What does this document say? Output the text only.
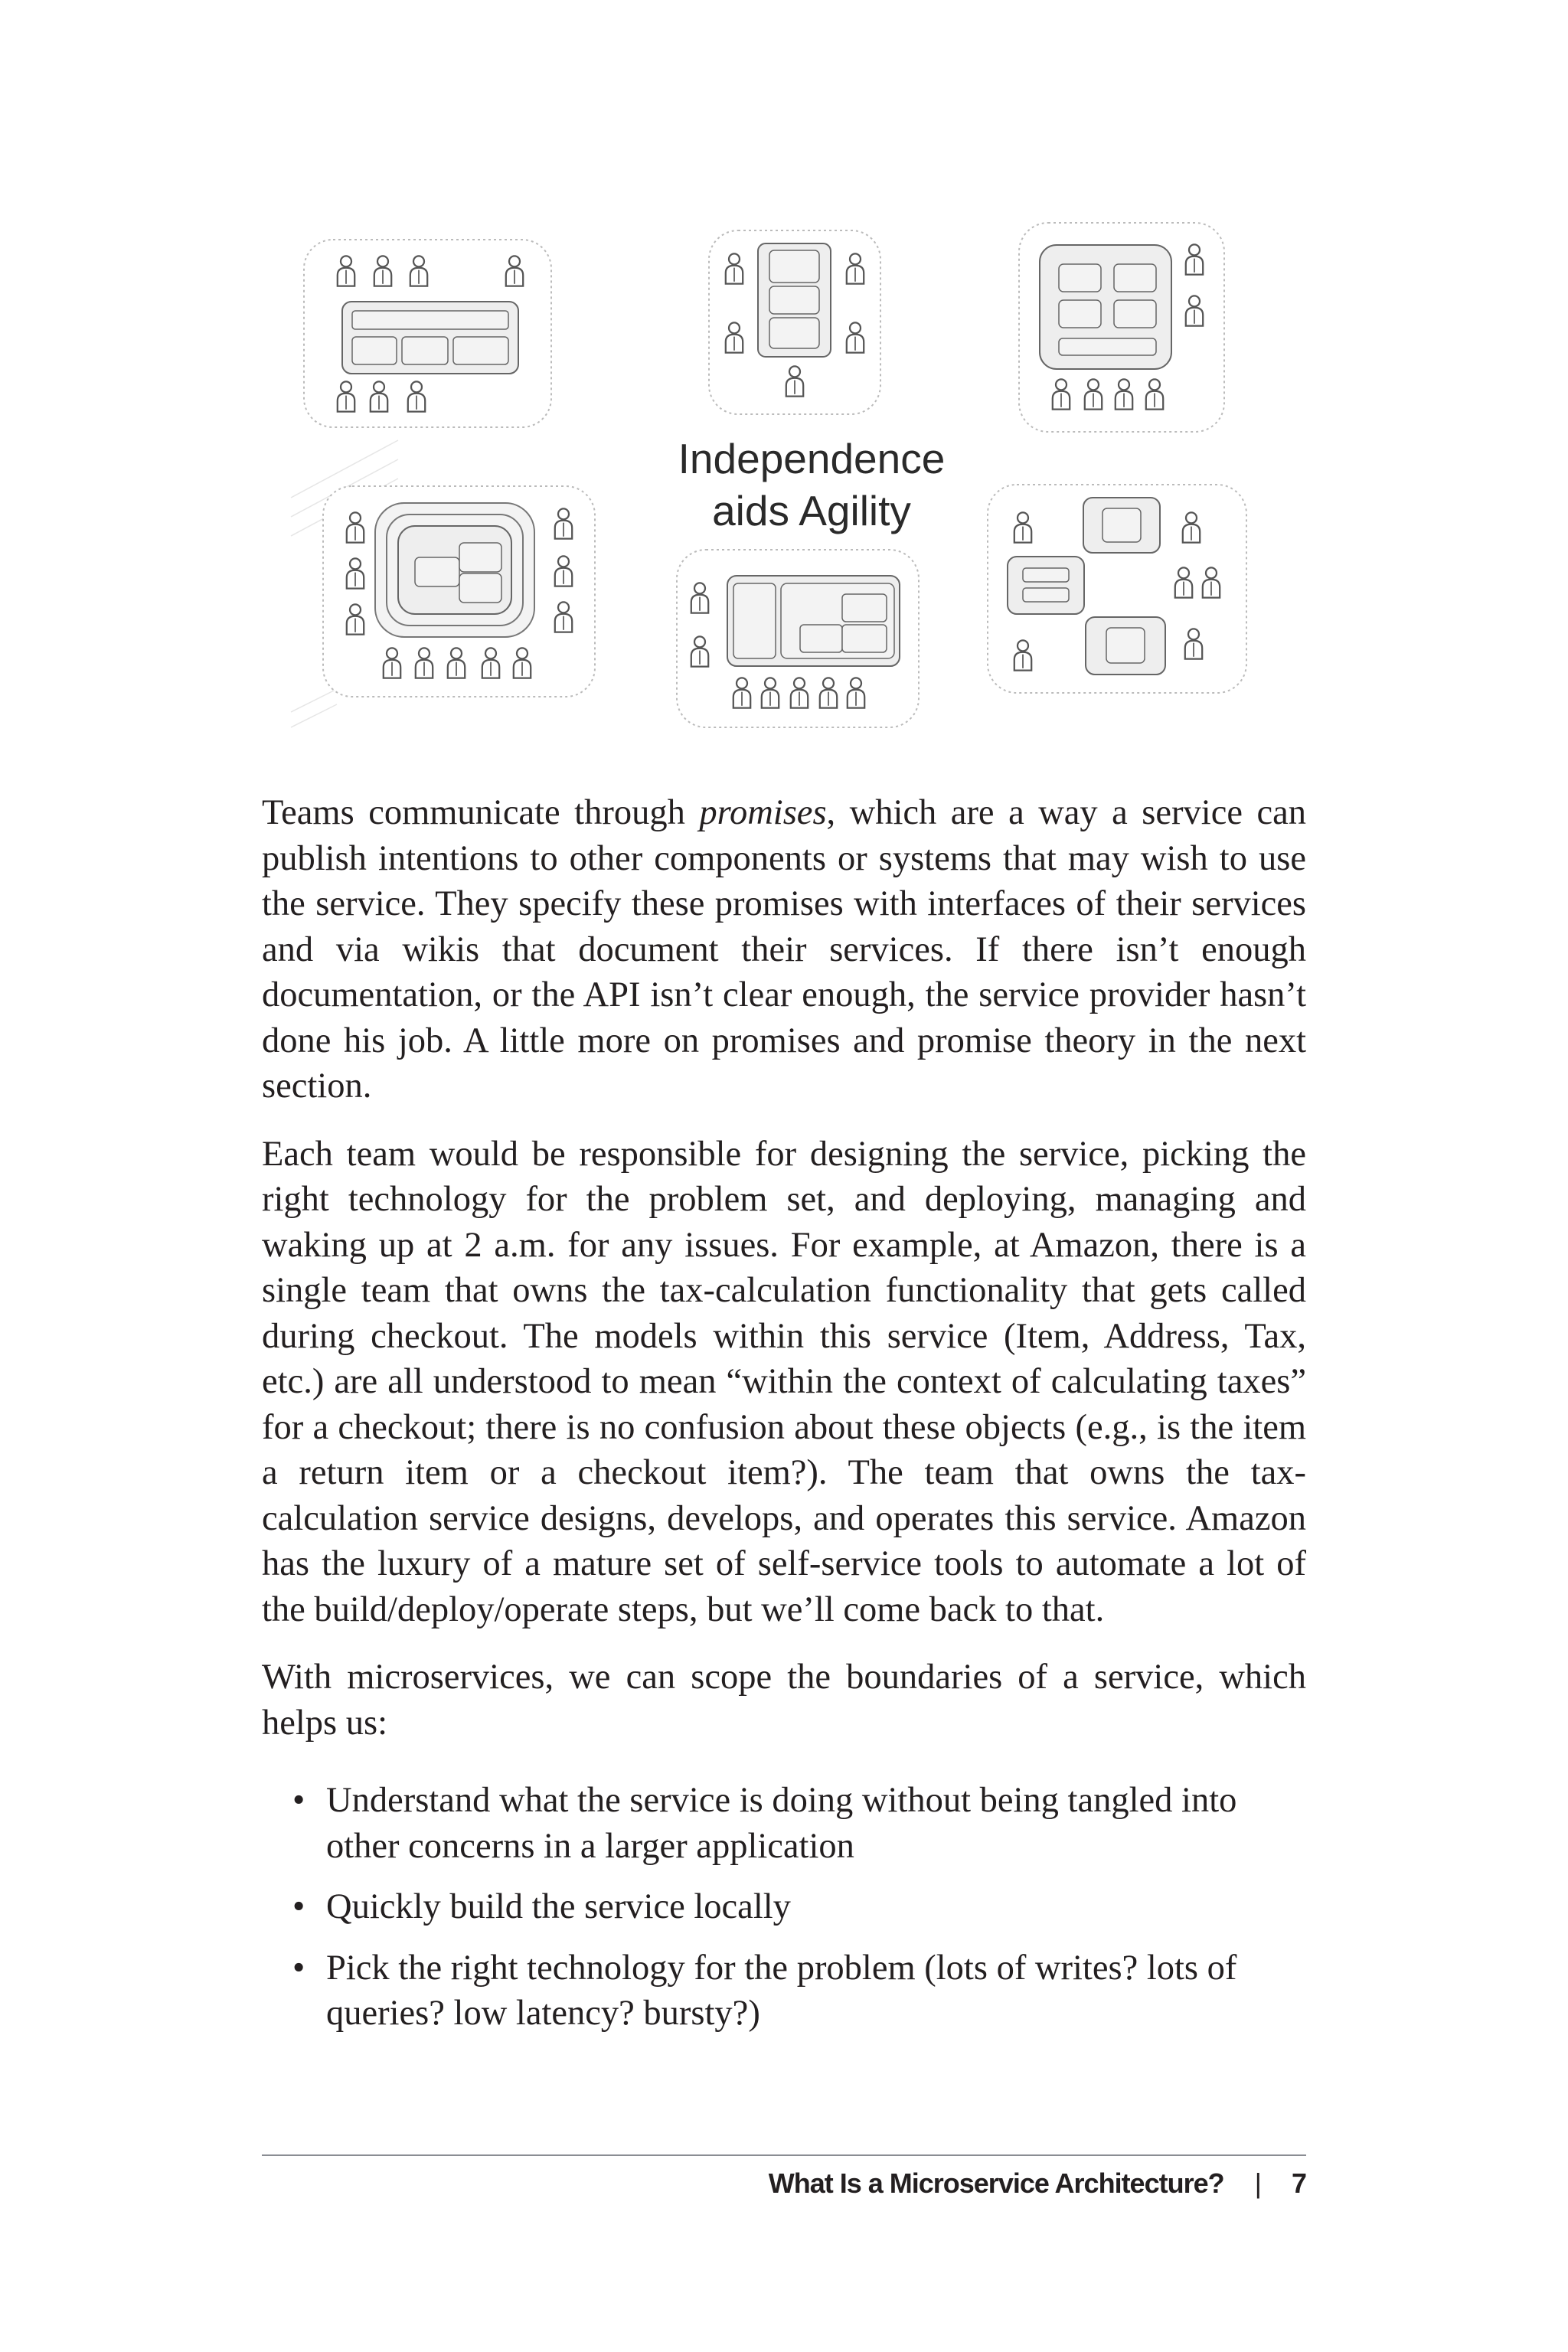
Independence
aids Agility

Teams communicate through promises, which are a way a service can publish intentions to other components or systems that may wish to use the service. They specify these promises with interfaces of their services and via wikis that document their services. If there isn’t enough documentation, or the API isn’t clear enough, the service provider hasn’t done his job. A little more on promises and promise theory in the next section.

Each team would be responsible for designing the service, picking the right technology for the problem set, and deploying, managing and waking up at 2 a.m. for any issues. For example, at Amazon, there is a single team that owns the tax-calculation functionality that gets called during checkout. The models within this service (Item, Address, Tax, etc.) are all understood to mean “within the context of calculating taxes” for a checkout; there is no confusion about these objects (e.g., is the item a return item or a checkout item?). The team that owns the tax-calculation service designs, develops, and operates this service. Amazon has the luxury of a mature set of self-service tools to automate a lot of the build/deploy/operate steps, but we’ll come back to that.

With microservices, we can scope the boundaries of a service, which helps us:

• Understand what the service is doing without being tangled into other concerns in a larger application
• Quickly build the service locally
• Pick the right technology for the problem (lots of writes? lots of queries? low latency? bursty?)
What Is a Microservice Architecture? | 7
